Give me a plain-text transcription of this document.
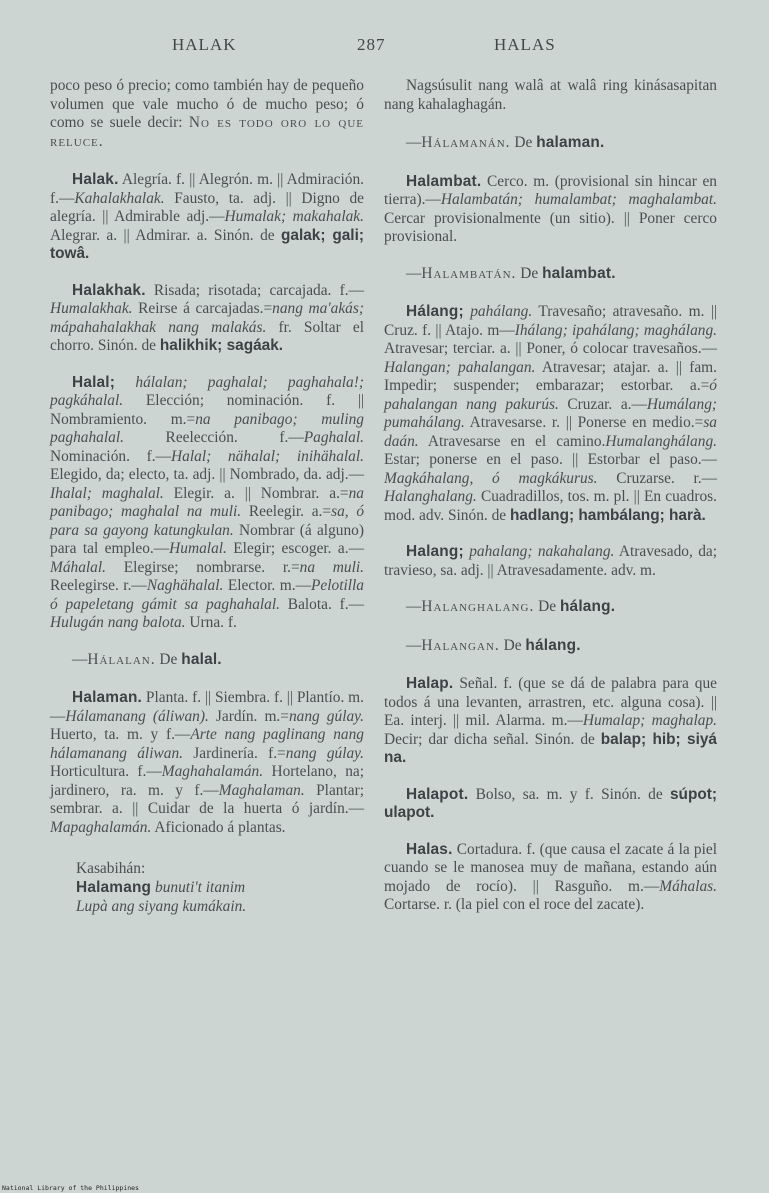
HALAK	287	HALAS

poco peso ó precio; como también hay de pequeño volumen que vale mucho ó de mucho peso; ó como se suele decir: No es todo oro lo que reluce.

Halak. Alegría. f. || Alegrón. m. || Admiración. f.—Kahalakhalak. Fausto, ta. adj. || Digno de alegría. || Admirable adj.—Humalak; makahalak. Alegrar. a. || Admirar. a. Sinón. de galak; gali; towâ.

Halakhak. Risada; risotada; carcajada. f.—Humalakhak. Reirse á carcajadas.=nang ma'akás; mápahahalakhak nang malakás. fr. Soltar el chorro. Sinón. de halikhik; sagáak.

Halal; hálalan; paghalal; paghahala!; pagkáhalal. Elección; nominación. f. || Nombramiento. m.=na panibago; muling paghahalal. Reelección. f.—Paghalal. Nominación. f.—Halal; nähalal; inihähalal. Elegido, da; electo, ta. adj. || Nombrado, da. adj.—Ihalal; maghalal. Elegir. a. || Nombrar. a.=na panibago; maghalal na muli. Reelegir. a.=sa, ó para sa gayong katungkulan. Nombrar (á alguno) para tal empleo.—Humalal. Elegir; escoger. a.—Máhalal. Elegirse; nombrarse. r.=na muli. Reelegirse. r.—Naghähalal. Elector. m.—Pelotilla ó papeletang gámit sa paghahalal. Balota. f.—Hulugán nang balota. Urna. f.

—Hálalan. De halal.

Halaman. Planta. f. || Siembra. f. || Plantío. m.—Hálamanang (áliwan). Jardín. m.=nang gúlay. Huerto, ta. m. y f.—Arte nang paglinang nang hálamanang áliwan. Jardinería. f.=nang gúlay. Horticultura. f.—Maghahalamán. Hortelano, na; jardinero, ra. m. y f.—Maghalaman. Plantar; sembrar. a. || Cuidar de la huerta ó jardín.—Mapaghalamán. Aficionado á plantas.

Kasabihán:
Halamang bunuti't itanim
Lupà ang siyang kumákain.

Nagsúsulit nang walâ at walâ ring kinásasapitan nang kahalaghagán.

—Hálamanán. De halaman.

Halambat. Cerco. m. (provisional sin hincar en tierra).—Halambatán; humalambat; maghalambat. Cercar provisionalmente (un sitio). || Poner cerco provisional.

—Halambatán. De halambat.

Hálang; pahálang. Travesaño; atravesaño. m. || Cruz. f. || Atajo. m—Ihálang; ipahálang; maghálang. Atravesar; terciar. a. || Poner, ó colocar travesaños.—Halangan; pahalangan. Atravesar; atajar. a. || fam. Impedir; suspender; embarazar; estorbar. a.=ó pahalangan nang pakurús. Cruzar. a.—Humálang; pumahálang. Atravesarse. r. || Ponerse en medio.=sa daán. Atravesarse en el camino.Humalanghálang. Estar; ponerse en el paso. || Estorbar el paso.—Magkáhalang, ó magkákurus. Cruzarse. r.—Halanghalang. Cuadradillos, tos. m. pl. || En cuadros. mod. adv. Sinón. de hadlang; hambálang; harà.

Halang; pahalang; nakahalang. Atravesado, da; travieso, sa. adj. || Atravesadamente. adv. m.

—Halanghalang. De hálang.

—Halangan. De hálang.

Halap. Señal. f. (que se dá de palabra para que todos á una levanten, arrastren, etc. alguna cosa). || Ea. interj. || mil. Alarma. m.—Humalap; maghalap. Decir; dar dicha señal. Sinón. de balap; hib; siyá na.

Halapot. Bolso, sa. m. y f. Sinón. de súpot; ulapot.

Halas. Cortadura. f. (que causa el zacate á la piel cuando se le manosea muy de mañana, estando aún mojado de rocío). || Rasguño. m.—Máhalas. Cortarse. r. (la piel con el roce del zacate).

National Library of the Philippines
